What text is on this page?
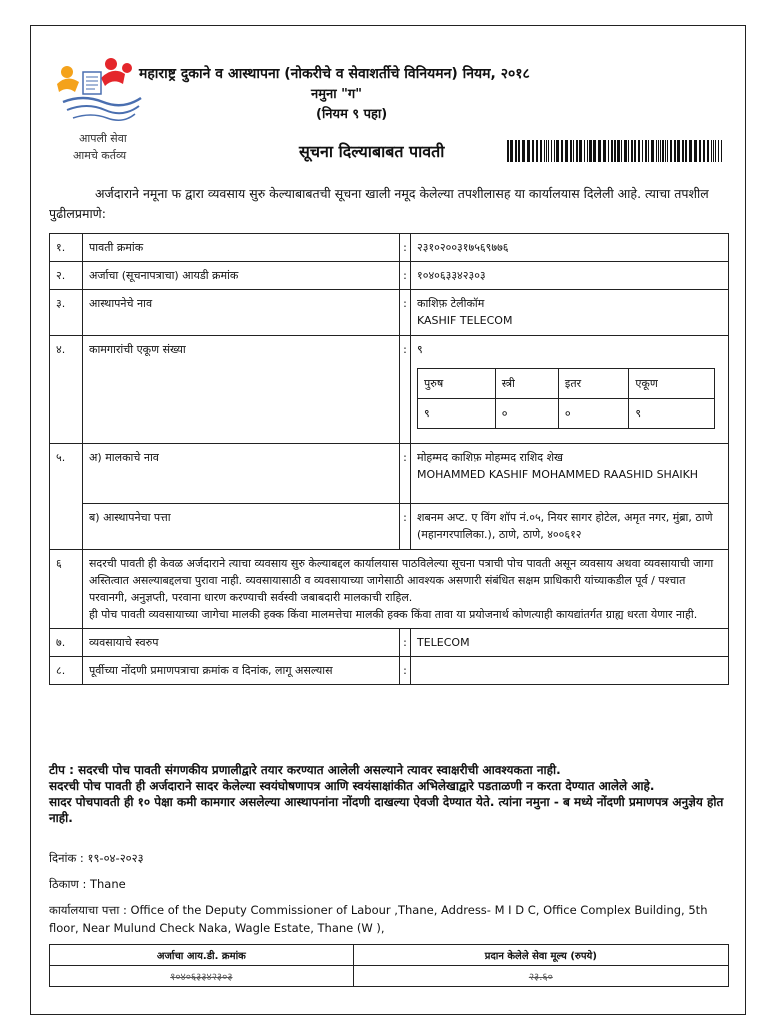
आपली सेवा
आमचे कर्तव्य
महाराष्ट्र दुकाने व आस्थापना (नोकरीचे व सेवाशर्तीचे विनियमन) नियम, २०१८
नमुना "ग"
(नियम ९ पहा)
सूचना दिल्याबाबत पावती
अर्जदाराने नमूना फ द्वारा व्यवसाय सुरु केल्याबाबतची सूचना खाली नमूद केलेल्या तपशीलासह या कार्यालयास दिलेली आहे. त्याचा तपशील पुढीलप्रमाणे:
१.	पावती क्रमांक	:	२३१०२००३१७५६९७७६
२.	अर्जाचा (सूचनापत्राचा) आयडी क्रमांक	:	१०४०६३३४२३०३
३.	आस्थापनेचे नाव	:	काशिफ़ टेलीकॉम
KASHIF TELECOM

४.	कामगारांची एकूण संख्या	:	९
पुरुष	स्त्री	इतर	एकूण
९	०	०	९

५.	अ) मालकाचे नाव	:	मोहम्मद काशिफ़ मोहम्मद राशिद शेख
MOHAMMED KASHIF MOHAMMED RAASHID SHAIKH

ब) आस्थापनेचा पत्ता	:	शबनम अप्ट. ए विंग शॉप नं.०५, नियर सागर होटेल, अमृत नगर, मुंब्रा, ठाणे (महानगरपालिका.), ठाणे, ठाणे, ४००६१२
६	सदरची पावती ही केवळ अर्जदाराने त्याचा व्यवसाय सुरु केल्याबद्दल कार्यालयास पाठविलेल्या सूचना पत्राची पोच पावती असून व्यवसाय अथवा व्यवसायाची जागा अस्तित्वात असल्याबद्दलचा पुरावा नाही. व्यवसायासाठी व व्यवसायाच्या जागेसाठी आवश्यक असणारी संबंधित सक्षम प्राधिकारी यांच्याकडील पूर्व / पश्चात परवानगी, अनुज्ञप्ती, परवाना धारण करण्याची सर्वस्वी जबाबदारी मालकाची राहिल.
ही पोच पावती व्यवसायाच्या जागेचा मालकी हक्क किंवा मालमत्तेचा मालकी हक्क किंवा तावा या प्रयोजनार्थ कोणत्याही कायद्यांतर्गत ग्राह्य धरता येणार नाही.
७.	व्यवसायाचे स्वरुप	:	TELECOM
८.	पूर्वीच्या नोंदणी प्रमाणपत्राचा क्रमांक व दिनांक, लागू असल्यास	:	
टीप : सदरची पोच पावती संगणकीय प्रणालीद्वारे तयार करण्यात आलेली असल्याने त्यावर स्वाक्षरीची आवश्यकता नाही.
सदरची पोच पावती ही अर्जदाराने सादर केलेल्या स्वयंघोषणापत्र आणि स्वयंसाक्षांकीत अभिलेखाद्वारे पडताळणी न करता देण्यात आलेले आहे.
सादर पोचपावती ही १० पेक्षा कमी कामगार असलेल्या आस्थापनांना नोंदणी दाखल्या ऐवजी देण्यात येते. त्यांना नमुना - ब मध्ये नोंदणी प्रमाणपत्र अनुज्ञेय होत नाही.
दिनांक : १९-०४-२०२३
ठिकाण : Thane
कार्यालयाचा पत्ता : Office of the Deputy Commissioner of Labour ,Thane, Address- M I D C, Office Complex Building, 5th floor, Near Mulund Check Naka, Wagle Estate, Thane (W ),
अर्जाचा आय.डी. क्रमांक	प्रदान केलेले सेवा मूल्य (रुपये)
१०४०६३३४२३०३	२३.६०
